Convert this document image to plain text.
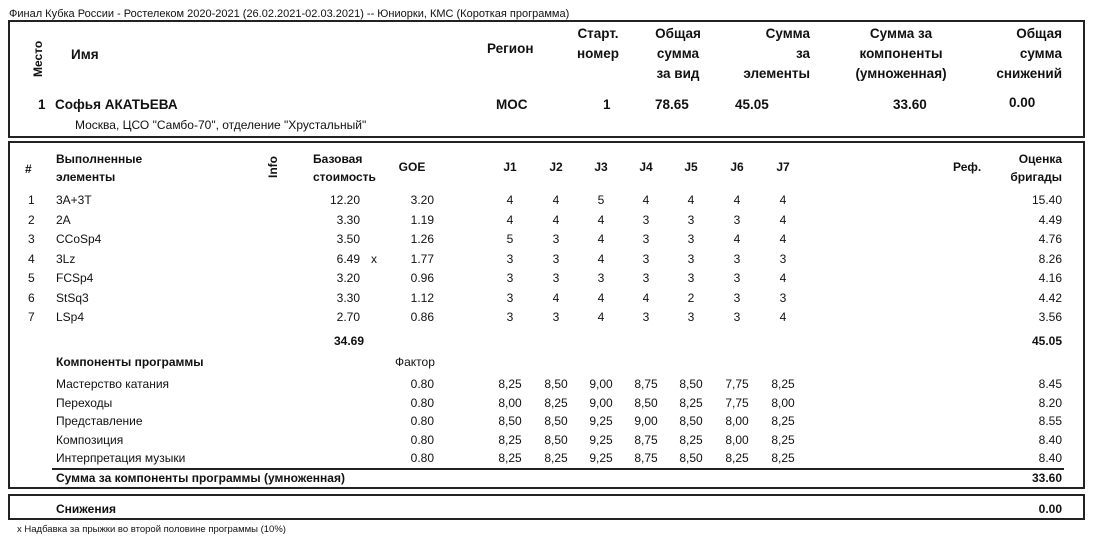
Финал Кубка России - Ростелеком 2020-2021 (26.02.2021-02.03.2021) -- Юниорки, КМС (Короткая программа)
Место Имя	Регион
Старт.
номер
Общая
сумма
за вид
Сумма
за
элементы
Сумма за
компоненты
(умноженная)
Общая
сумма
снижений
1 Софья АКАТЬЕВА	MOC	1	78.65	45.05	33.60	0.00
Москва, ЦСО "Самбо-70", отделение "Хрустальный"
#
Выполненные
элементы	Info	Базовая
стоимость
GOE	J1	J2	J3	J4	J5	J6	J7	Реф.
Оценка
бригады
1 3A+3T	12.20	3.20	4	4	5	4	4	4	4	15.40
2 2A	3.30	1.19	4	4	4	3	3	3	4	4.49
3 CCoSp4	3.50	1.26	5	3	4	3	3	4	4	4.76
4 3Lz	6.49 x	1.77	3	3	4	3	3	3	3	8.26
5 FCSp4	3.20	0.96	3	3	3	3	3	3	4	4.16
6 StSq3	3.30	1.12	3	4	4	4	2	3	3	4.42
7 LSp4	2.70	0.86	3	3	4	3	3	3	4	3.56
34.69	45.05
Компоненты программы	Фактор
Мастерство катания	0.80	8,25	8,50	9,00	8,75	8,50	7,75	8,25	8.45
Переходы	0.80	8,00	8,25	9,00	8,50	8,25	7,75	8,00	8.20
Представление	0.80	8,50	8,50	9,25	9,00	8,50	8,00	8,25	8.55
Композиция	0.80	8,25	8,50	9,25	8,75	8,25	8,00	8,25	8.40
Интерпретация музыки	0.80	8,25	8,25	9,25	8,75	8,50	8,25	8,25	8.40
Сумма за компоненты программы (умноженная)	33.60
Снижения	0.00
x Надбавка за прыжки во второй половине программы (10%)
